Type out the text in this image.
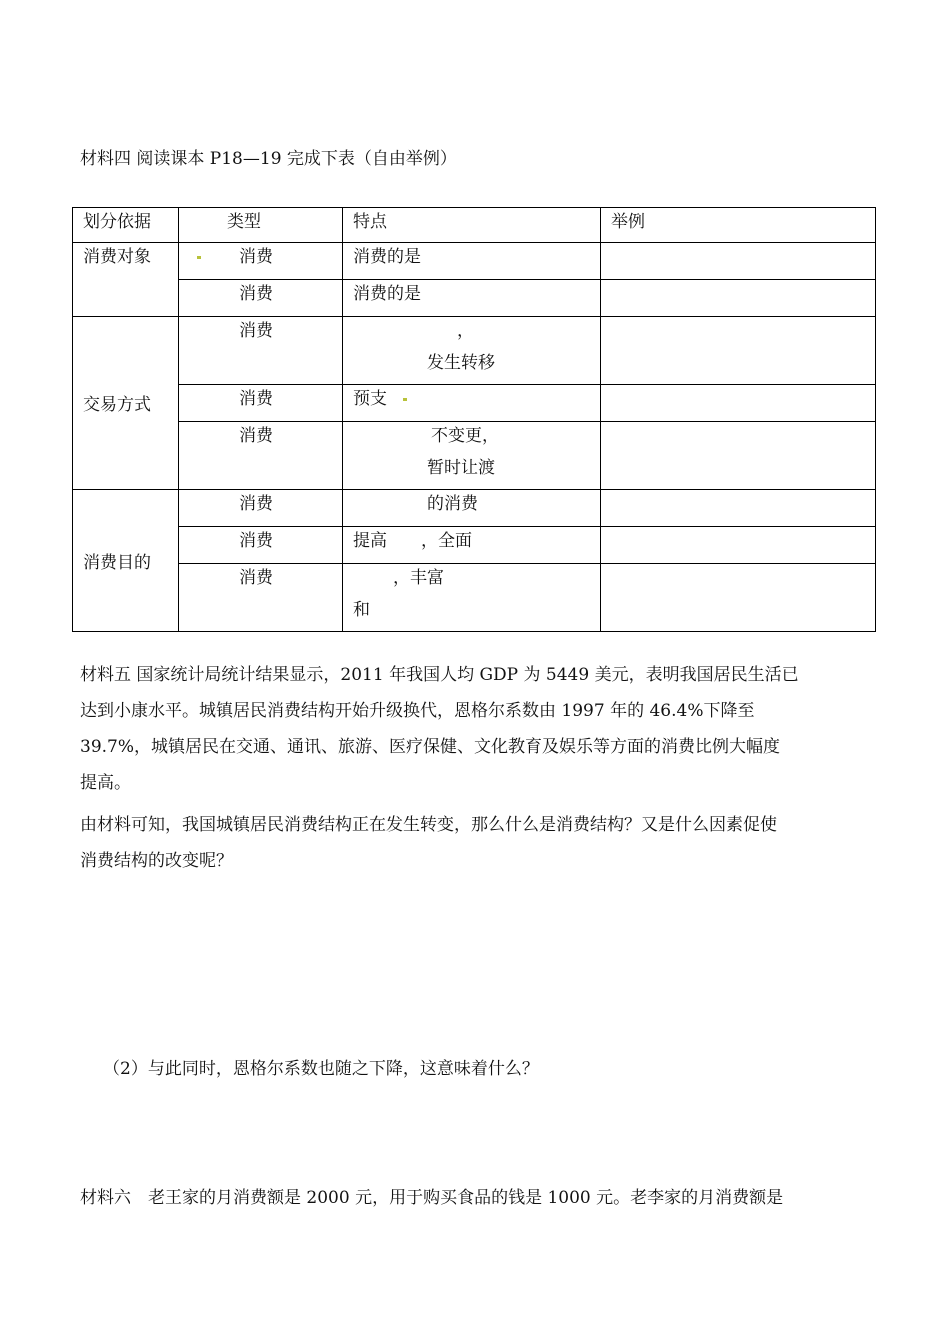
材料四 阅读课本 P18—19 完成下表（自由举例）
划分依据	类型	特点	举例
消费对象	消费	消费的是	
	消费	消费的是	
交易方式	消费	，
发生转移	

	消费	预支	
	消费	不变更，
暂时让渡	

消费目的	消费	的消费	
	消费	提高　　，全面	
	消费	，丰富
和	

材料五 国家统计局统计结果显示，2011 年我国人均 GDP 为 5449 美元，表明我国居民生活已
达到小康水平。城镇居民消费结构开始升级换代，恩格尔系数由 1997 年的 46.4%下降至
39.7%，城镇居民在交通、通讯、旅游、医疗保健、文化教育及娱乐等方面的消费比例大幅度
提高。
由材料可知，我国城镇居民消费结构正在发生转变，那么什么是消费结构？又是什么因素促使
消费结构的改变呢？
（2）与此同时，恩格尔系数也随之下降，这意味着什么？
材料六　老王家的月消费额是 2000 元，用于购买食品的钱是 1000 元。老李家的月消费额是
